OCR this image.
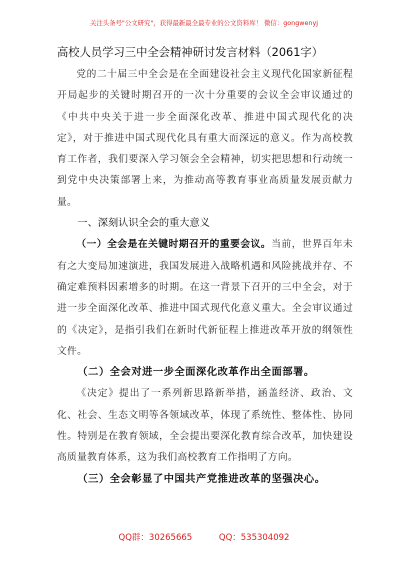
关注头条号"公文研究"，获得最新最全最专业的公文资料库！ 微信：gongwenyj
高校人员学习三中全会精神研讨发言材料（2061字）

党的二十届三中全会是在全面建设社会主义现代化国家新征程开局起步的关键时期召开的一次十分重要的会议全会审议通过的《中共中央关于进一步全面深化改革、推进中国式现代化的决定》，对于推进中国式现代化具有重大而深远的意义。作为高校教育工作者，我们要深入学习领会全会精神，切实把思想和行动统一到党中央决策部署上来，为推动高等教育事业高质量发展贡献力量。

一、深刻认识全会的重大意义

（一）全会是在关键时期召开的重要会议。当前，世界百年未有之大变局加速演进，我国发展进入战略机遇和风险挑战并存、不确定难预料因素增多的时期。在这一背景下召开的三中全会，对于进一步全面深化改革、推进中国式现代化意义重大。全会审议通过的《决定》，是指引我们在新时代新征程上推进改革开放的纲领性文件。

（二）全会对进一步全面深化改革作出全面部署。

《决定》提出了一系列新思路新举措，涵盖经济、政治、文化、社会、生态文明等各领域改革，体现了系统性、整体性、协同性。特别是在教育领域，全会提出要深化教育综合改革，加快建设高质量教育体系，这为我们高校教育工作指明了方向。

（三）全会彰显了中国共产党推进改革的坚强决心。
QQ群：30265665	QQ：535304092
